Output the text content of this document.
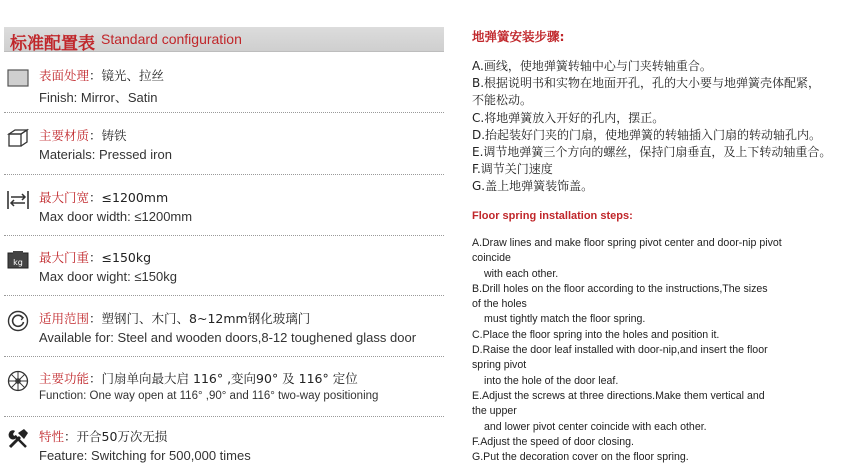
标准配置表 Standard configuration
表面处理：镜光、拉丝
Finish: Mirror、Satin
主要材质：铸铁
Materials: Pressed iron
最大门宽：≤1200mm
Max door width: ≤1200mm
kg 最大门重：≤150kg
Max door wight: ≤150kg
适用范围：塑钢门、木门、8~12mm钢化玻璃门
Available for: Steel and wooden doors,8-12 toughened glass door
主要功能：门扇单向最大启 116° ,变向90° 及 116° 定位
Function: One way open at 116° ,90° and 116° two-way positioning
特性：开合50万次无损
Feature: Switching for 500,000 times
地弹簧安装步骤:
A.画线，使地弹簧转轴中心与门夹转轴重合。
B.根据说明书和实物在地面开孔，孔的大小要与地弹簧壳体配紧，
不能松动。
C.将地弹簧放入开好的孔内，摆正。
D.抬起装好门夹的门扇，使地弹簧的转轴插入门扇的转动轴孔内。
E.调节地弹簧三个方向的螺丝，保持门扇垂直，及上下转动轴重合。
F.调节关门速度
G.盖上地弹簧装饰盖。
Floor spring installation steps:
A.Draw lines and make floor spring pivot center and door-nip pivot
coincide
with each other.
B.Drill holes on the floor according to the instructions,The sizes
of the holes
must tightly match the floor spring.
C.Place the floor spring into the holes and position it.
D.Raise the door leaf installed with door-nip,and insert the floor
spring pivot
into the hole of the door leaf.
E.Adjust the screws at three directions.Make them vertical and
the upper
and lower pivot center coincide with each other.
F.Adjust the speed of door closing.
G.Put the decoration cover on the floor spring.
